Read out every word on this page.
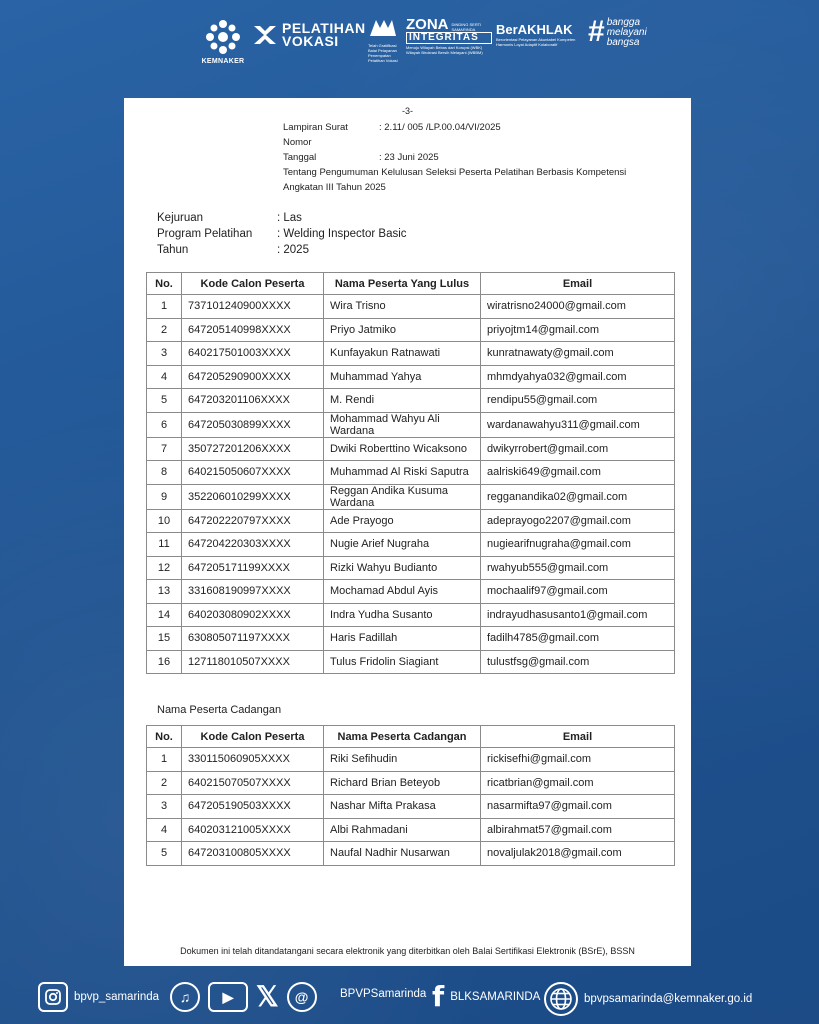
KEMNAKER
PELATIHAN
VOKASI	Telah Gratifikasi Balai Pelayanan Penempatan Pelatihan Vokasi
ZONA DINDING SERTI SAMARINDA
INTEGRITAS
Menuju Wilayah Bebas dari Korupsi (WBK) Wilayah Birokrasi Bersih Melayani (WBBM)
BerAKHLAK
Berorientasi Pelayanan Akuntabel Kompeten Harmonis Loyal Adaptif Kolaboratif	# bangga
melayani
bangsa
-3-
Lampiran Surat Nomor
: 2.11/ 005 /LP.00.04/VI/2025
Tanggal	: 23 Juni 2025
Tentang Pengumuman Kelulusan Seleksi Peserta Pelatihan Berbasis Kompetensi
Angkatan III Tahun 2025
Kejuruan	: Las
Program Pelatihan	: Welding Inspector Basic
Tahun	: 2025
No.	Kode Calon Peserta	Nama Peserta Yang Lulus	Email
1	737101240900XXXX	Wira Trisno	wiratrisno24000@gmail.com
2	647205140998XXXX	Priyo Jatmiko	priyojtm14@gmail.com
3	640217501003XXXX	Kunfayakun Ratnawati	kunratnawaty@gmail.com
4	647205290900XXXX	Muhammad Yahya	mhmdyahya032@gmail.com
5	647203201106XXXX	M. Rendi	rendipu55@gmail.com
6	647205030899XXXX	Mohammad Wahyu Ali Wardana	wardanawahyu311@gmail.com
7	350727201206XXXX	Dwiki Roberttino Wicaksono	dwikyrrobert@gmail.com
8	640215050607XXXX	Muhammad Al Riski Saputra	aalriski649@gmail.com
9	352206010299XXXX	Reggan Andika Kusuma Wardana	regganandika02@gmail.com
10	647202220797XXXX	Ade Prayogo	adeprayogo2207@gmail.com
11	647204220303XXXX	Nugie Arief Nugraha	nugiearifnugraha@gmail.com
12	647205171199XXXX	Rizki Wahyu Budianto	rwahyub555@gmail.com
13	331608190997XXXX	Mochamad Abdul Ayis	mochaalif97@gmail.com
14	640203080902XXXX	Indra Yudha Susanto	indrayudhasusanto1@gmail.com
15	630805071197XXXX	Haris Fadillah	fadilh4785@gmail.com
16	127118010507XXXX	Tulus Fridolin Siagiant	tulustfsg@gmail.com
Nama Peserta Cadangan
No.	Kode Calon Peserta	Nama Peserta Cadangan	Email
1	330115060905XXXX	Riki Sefihudin	rickisefhi@gmail.com
2	640215070507XXXX	Richard Brian Beteyob	ricatbrian@gmail.com
3	647205190503XXXX	Nashar Mifta Prakasa	nasarmifta97@gmail.com
4	640203121005XXXX	Albi Rahmadani	albirahmat57@gmail.com
5	647203100805XXXX	Naufal Nadhir Nusarwan	novaljulak2018@gmail.com
Dokumen ini telah ditandatangani secara elektronik yang diterbitkan oleh Balai Sertifikasi Elektronik (BSrE), BSSN
bpvp_samarinda	♫	▶ 𝕏	@	BPVPSamarinda f BLKSAMARINDA	bpvpsamarinda@kemnaker.go.id
